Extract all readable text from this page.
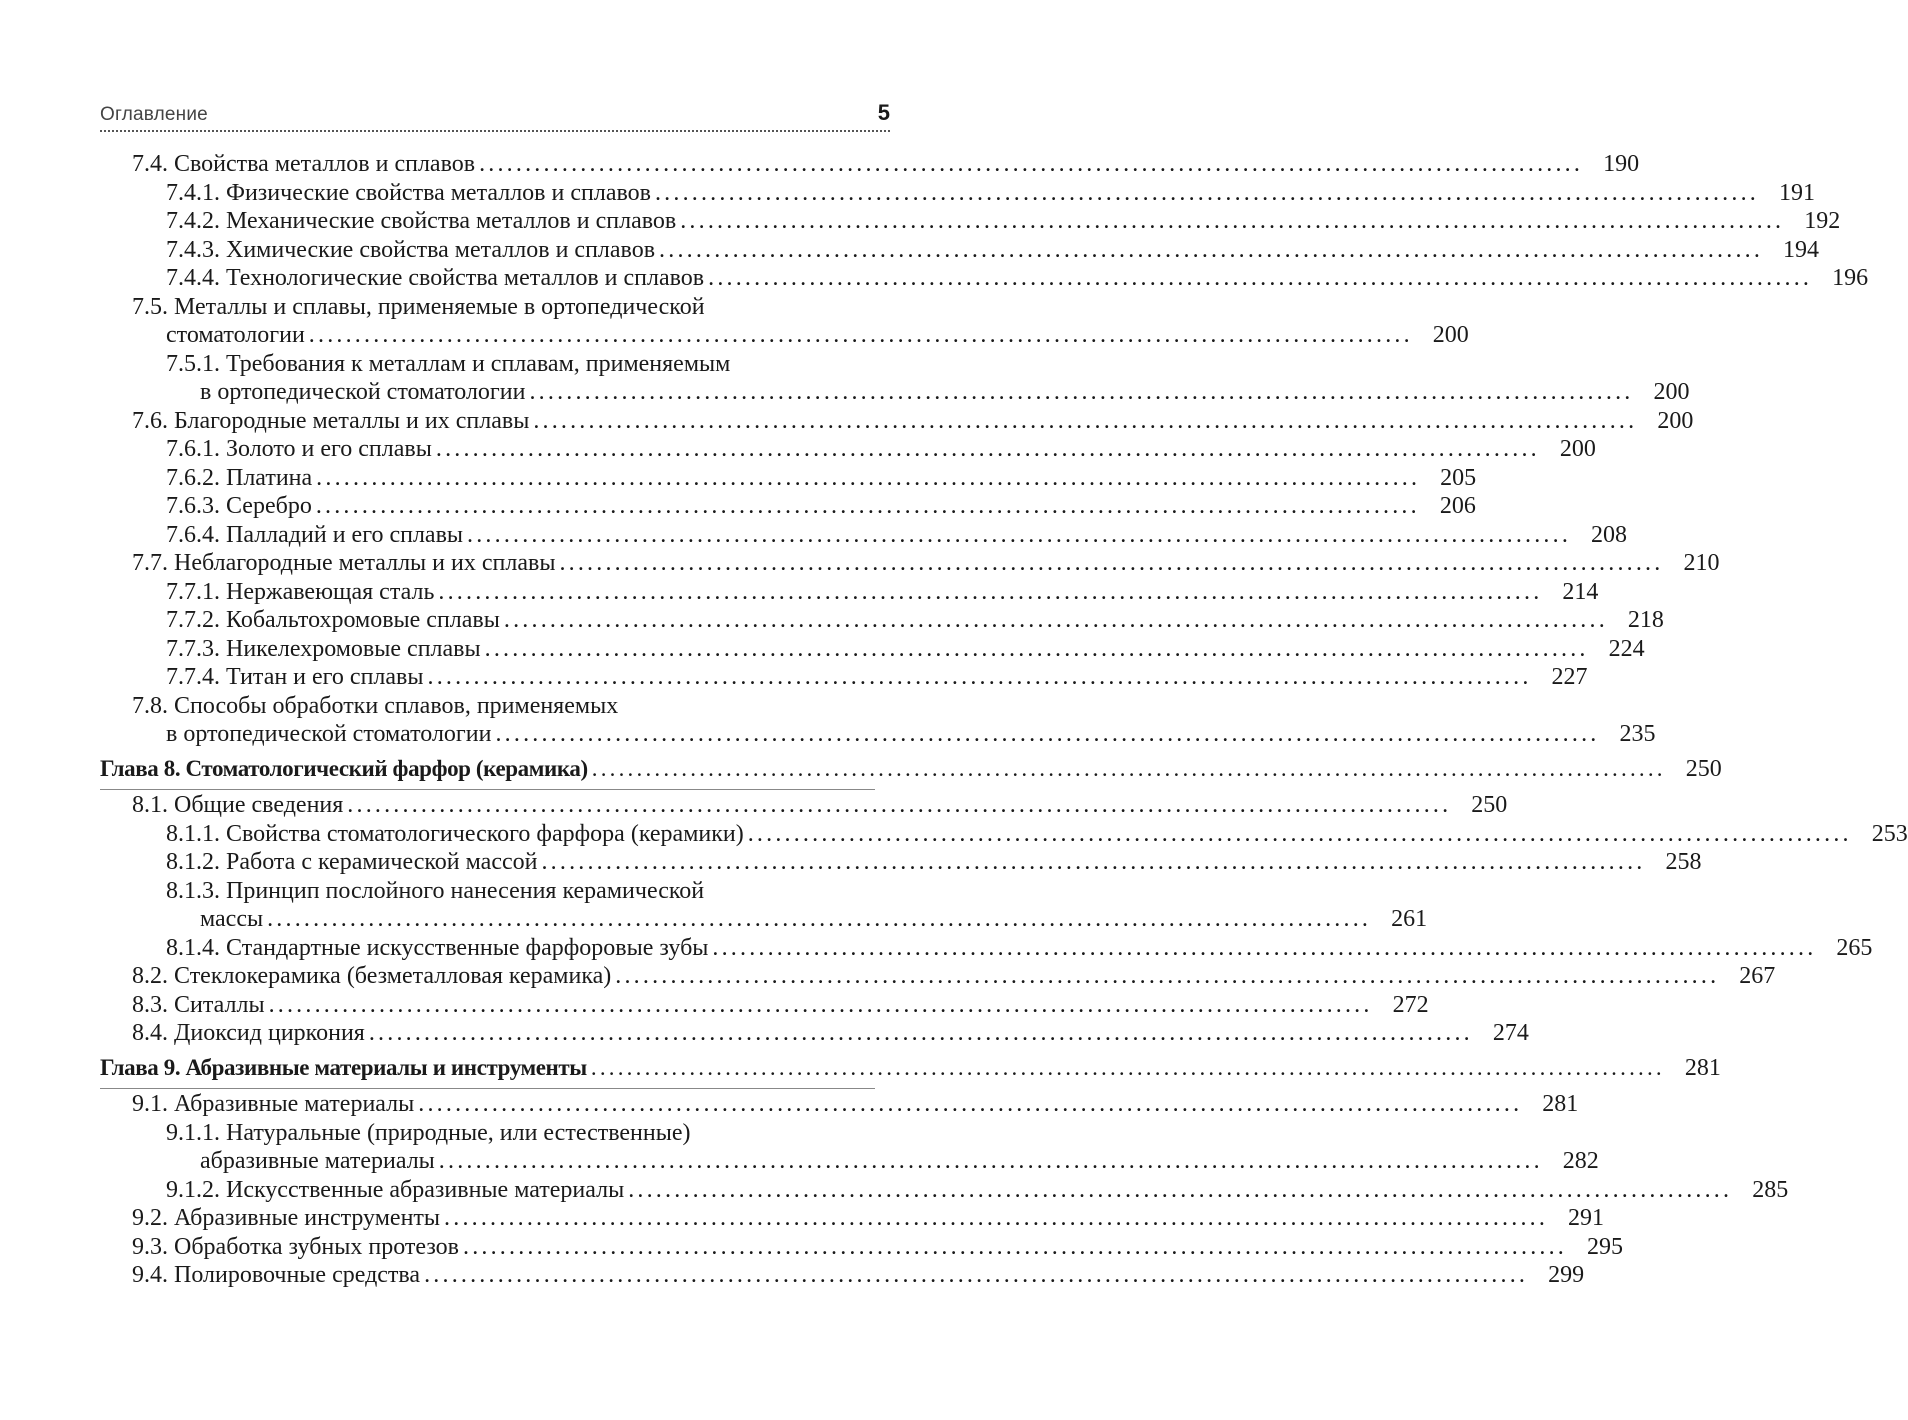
Оглавление	5
7.4. Свойства металлов и сплавов ........................................................................................................................ 190
7.4.1. Физические свойства металлов и сплавов ........................................................................................................................ 191
7.4.2. Механические свойства металлов и сплавов ........................................................................................................................ 192
7.4.3. Химические свойства металлов и сплавов ........................................................................................................................ 194
7.4.4. Технологические свойства металлов и сплавов ........................................................................................................................ 196
7.5. Металлы и сплавы, применяемые в ортопедической
стоматологии ........................................................................................................................ 200
7.5.1. Требования к металлам и сплавам, применяемым
в ортопедической стоматологии ........................................................................................................................ 200
7.6. Благородные металлы и их сплавы ........................................................................................................................ 200
7.6.1. Золото и его сплавы ........................................................................................................................ 200
7.6.2. Платина ........................................................................................................................ 205
7.6.3. Серебро ........................................................................................................................ 206
7.6.4. Палладий и его сплавы ........................................................................................................................ 208
7.7. Неблагородные металлы и их сплавы ........................................................................................................................ 210
7.7.1. Нержавеющая сталь ........................................................................................................................ 214
7.7.2. Кобальтохромовые сплавы ........................................................................................................................ 218
7.7.3. Никелехромовые сплавы ........................................................................................................................ 224
7.7.4. Титан и его сплавы ........................................................................................................................ 227
7.8. Способы обработки сплавов, применяемых
в ортопедической стоматологии ........................................................................................................................ 235
Глава 8. Стоматологический фарфор (керамика) ........................................................................................................................ 250
8.1. Общие сведения ........................................................................................................................ 250
8.1.1. Свойства стоматологического фарфора (керамики) ........................................................................................................................ 253
8.1.2. Работа с керамической массой ........................................................................................................................ 258
8.1.3. Принцип послойного нанесения керамической
массы ........................................................................................................................ 261
8.1.4. Стандартные искусственные фарфоровые зубы ........................................................................................................................ 265
8.2. Стеклокерамика (безметалловая керамика) ........................................................................................................................ 267
8.3. Ситаллы ........................................................................................................................ 272
8.4. Диоксид циркония ........................................................................................................................ 274
Глава 9. Абразивные материалы и инструменты ........................................................................................................................ 281
9.1. Абразивные материалы ........................................................................................................................ 281
9.1.1. Натуральные (природные, или естественные)
абразивные материалы ........................................................................................................................ 282
9.1.2. Искусственные абразивные материалы ........................................................................................................................ 285
9.2. Абразивные инструменты ........................................................................................................................ 291
9.3. Обработка зубных протезов ........................................................................................................................ 295
9.4. Полировочные средства ........................................................................................................................ 299
